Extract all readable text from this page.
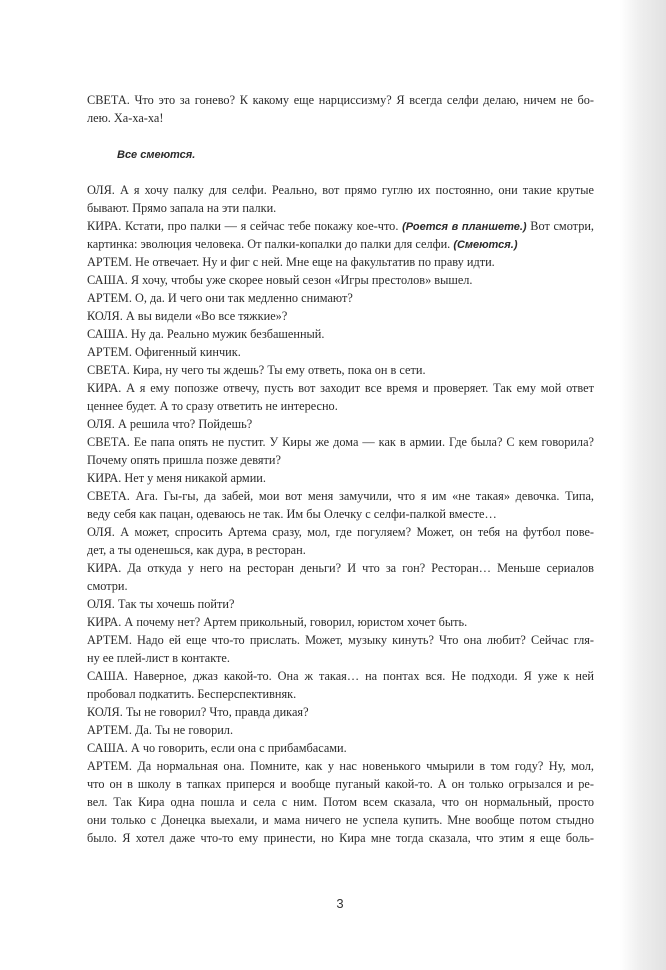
СВЕТА. Что это за гонево? К какому еще нарциссизму? Я всегда селфи делаю, ничем не бо-
лею. Ха-ха-ха!
Все смеются.
ОЛЯ. А я хочу палку для селфи. Реально, вот прямо гуглю их постоянно, они такие крутые
бывают. Прямо запала на эти палки.
КИРА. Кстати, про палки — я сейчас тебе покажу кое-что. (Роется в планшете.) Вот смотри,
картинка: эволюция человека. От палки-копалки до палки для селфи. (Смеются.)
АРТЕМ. Не отвечает. Ну и фиг с ней. Мне еще на факультатив по праву идти.
САША. Я хочу, чтобы уже скорее новый сезон «Игры престолов» вышел.
АРТЕМ. О, да. И чего они так медленно снимают?
КОЛЯ. А вы видели «Во все тяжкие»?
САША. Ну да. Реально мужик безбашенный.
АРТЕМ. Офигенный кинчик.
СВЕТА. Кира, ну чего ты ждешь? Ты ему ответь, пока он в сети.
КИРА. А я ему попозже отвечу, пусть вот заходит все время и проверяет. Так ему мой ответ
ценнее будет. А то сразу ответить не интересно.
ОЛЯ. А решила что? Пойдешь?
СВЕТА. Ее папа опять не пустит. У Киры же дома — как в армии. Где была? С кем говорила?
Почему опять пришла позже девяти?
КИРА. Нет у меня никакой армии.
СВЕТА. Ага. Гы-гы, да забей, мои вот меня замучили, что я им «не такая» девочка. Типа,
веду себя как пацан, одеваюсь не так. Им бы Олечку с селфи-палкой вместе…
ОЛЯ. А может, спросить Артема сразу, мол, где погуляем? Может, он тебя на футбол пове-
дет, а ты оденешься, как дура, в ресторан.
КИРА. Да откуда у него на ресторан деньги? И что за гон? Ресторан… Меньше сериалов
смотри.
ОЛЯ. Так ты хочешь пойти?
КИРА. А почему нет? Артем прикольный, говорил, юристом хочет быть.
АРТЕМ. Надо ей еще что-то прислать. Может, музыку кинуть? Что она любит? Сейчас гля-
ну ее плей-лист в контакте.
САША. Наверное, джаз какой-то. Она ж такая… на понтах вся. Не подходи. Я уже к ней
пробовал подкатить. Бесперспективняк.
КОЛЯ. Ты не говорил? Что, правда дикая?
АРТЕМ. Да. Ты не говорил.
САША. А чо говорить, если она с прибамбасами.
АРТЕМ. Да нормальная она. Помните, как у нас новенького чмырили в том году? Ну, мол,
что он в школу в тапках приперся и вообще пуганый какой-то. А он только огрызался и ре-
вел. Так Кира одна пошла и села с ним. Потом всем сказала, что он нормальный, просто
они только с Донецка выехали, и мама ничего не успела купить. Мне вообще потом стыдно
было. Я хотел даже что-то ему принести, но Кира мне тогда сказала, что этим я еще боль-
3
